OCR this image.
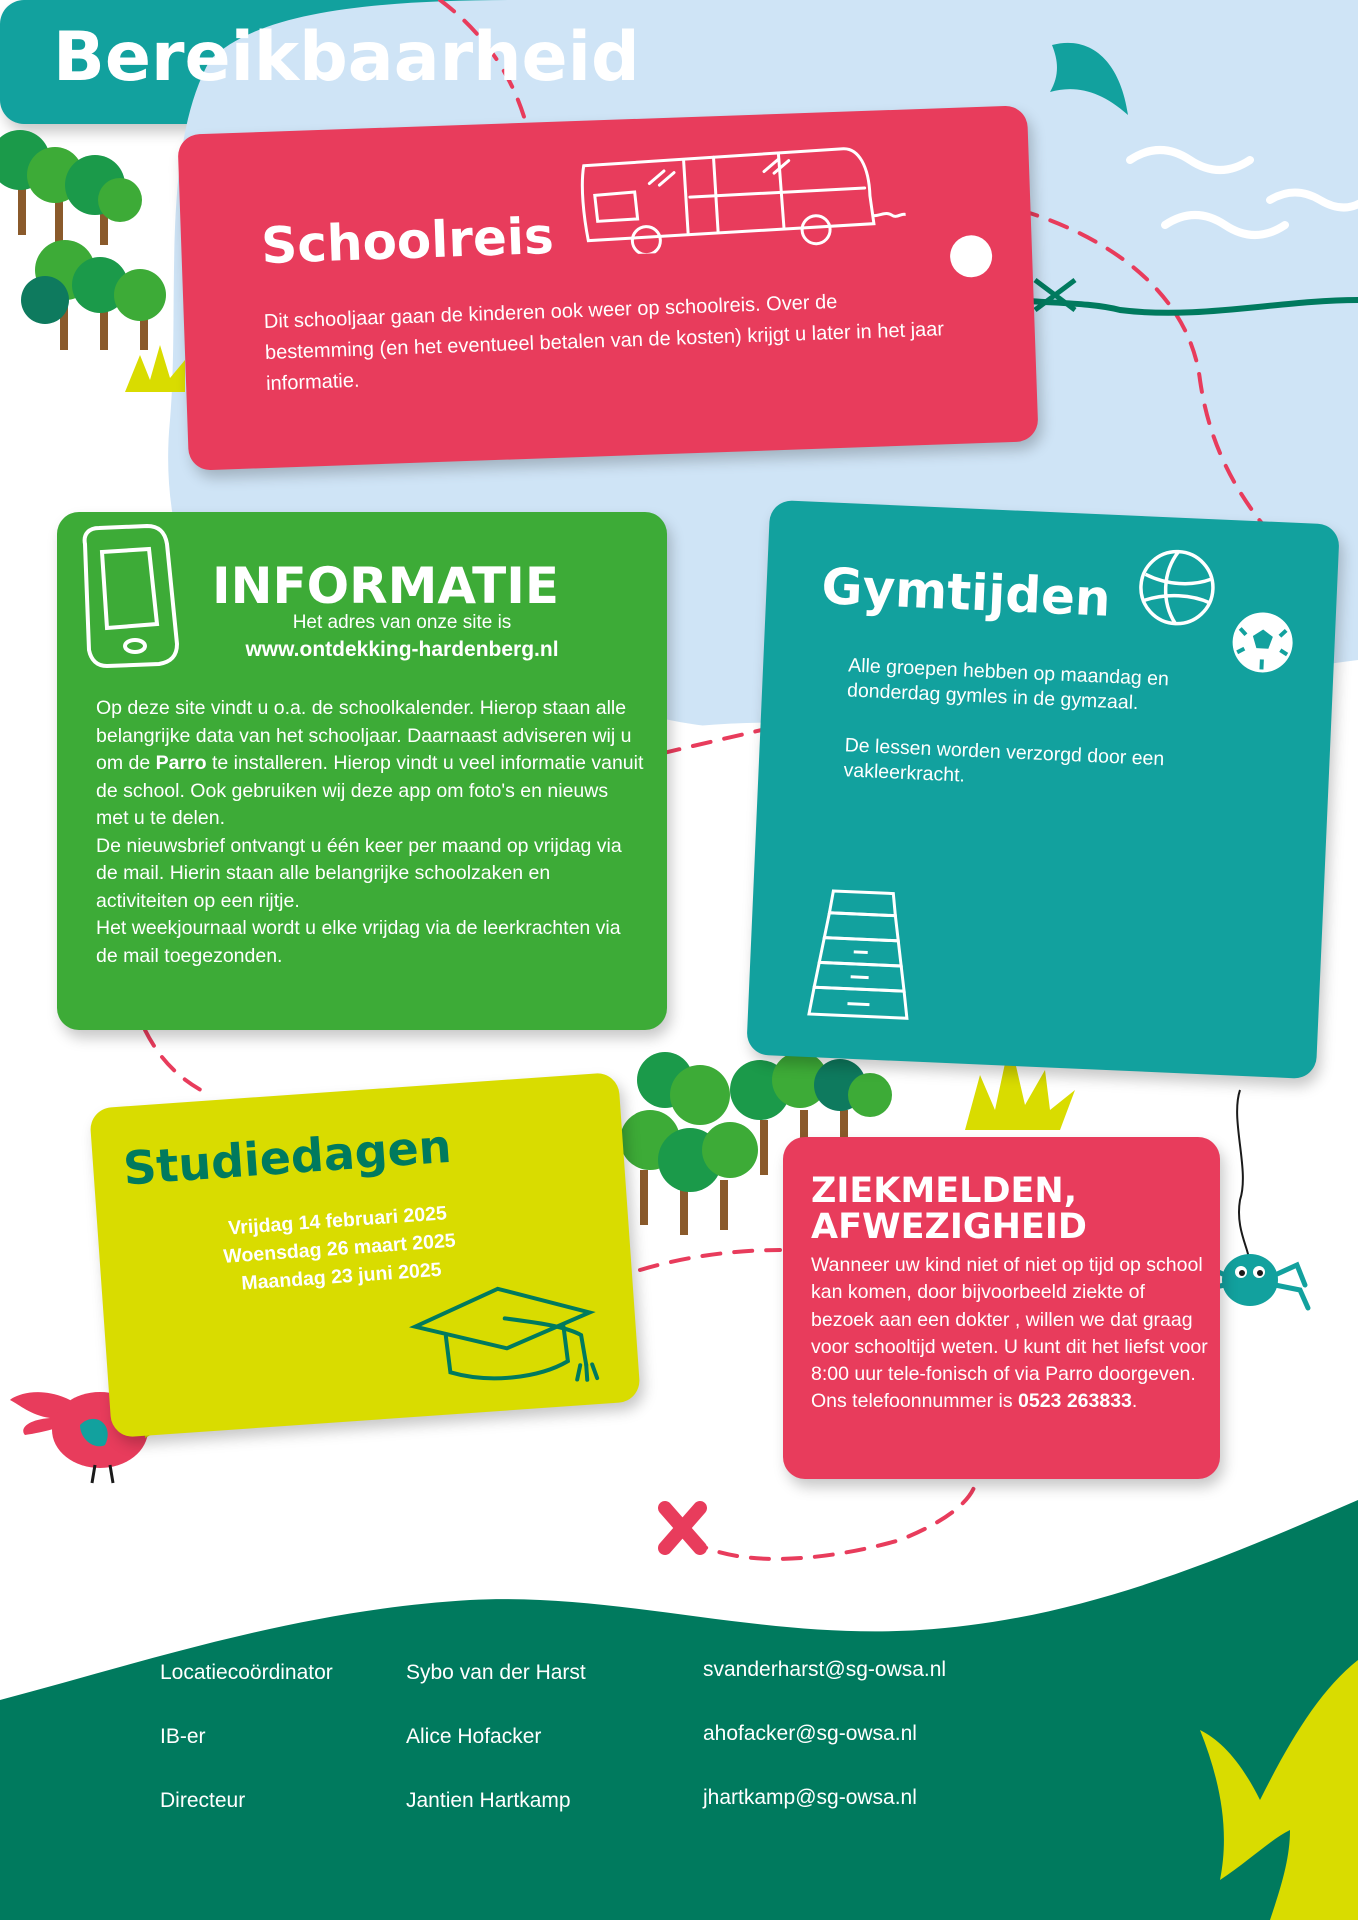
Schoolreis

Dit schooljaar gaan de kinderen ook weer op schoolreis. Over de bestemming (en het eventueel betalen van de kosten) krijgt u later in het jaar informatie.

INFORMATIE
Het adres van onze site is
www.ontdekking-hardenberg.nl

Op deze site vindt u o.a. de schoolkalender. Hierop staan alle belangrijke data van het schooljaar. Daarnaast adviseren wij u om de Parro te installeren. Hierop vindt u veel informatie vanuit de school. Ook gebruiken wij deze app om foto's en nieuws met u te delen.

De nieuwsbrief ontvangt u één keer per maand op vrijdag via de mail. Hierin staan alle belangrijke schoolzaken en activiteiten op een rijtje.

Het weekjournaal wordt u elke vrijdag via de leerkrachten via de mail toegezonden.

Gymtijden

Alle groepen hebben op maandag en donderdag gymles in de gymzaal.

De lessen worden verzorgd door een vakleerkracht.

Studiedagen
Vrijdag 14 februari 2025
Woensdag 26 maart 2025
Maandag 23 juni 2025
ZIEKMELDEN,
AFWEZIGHEID

Wanneer uw kind niet of niet op tijd op school kan komen, door bijvoorbeeld ziekte of bezoek aan een dokter , willen we dat graag voor schooltijd weten. U kunt dit het liefst voor 8:00 uur tele-fonisch of via Parro doorgeven. Ons telefoonnummer is 0523 263833.

Bereikbaarheid
Locatiecoördinator	Sybo van der Harst	svanderharst@sg-owsa.nl
IB-er	Alice Hofacker	ahofacker@sg-owsa.nl
Directeur	Jantien Hartkamp	jhartkamp@sg-owsa.nl
